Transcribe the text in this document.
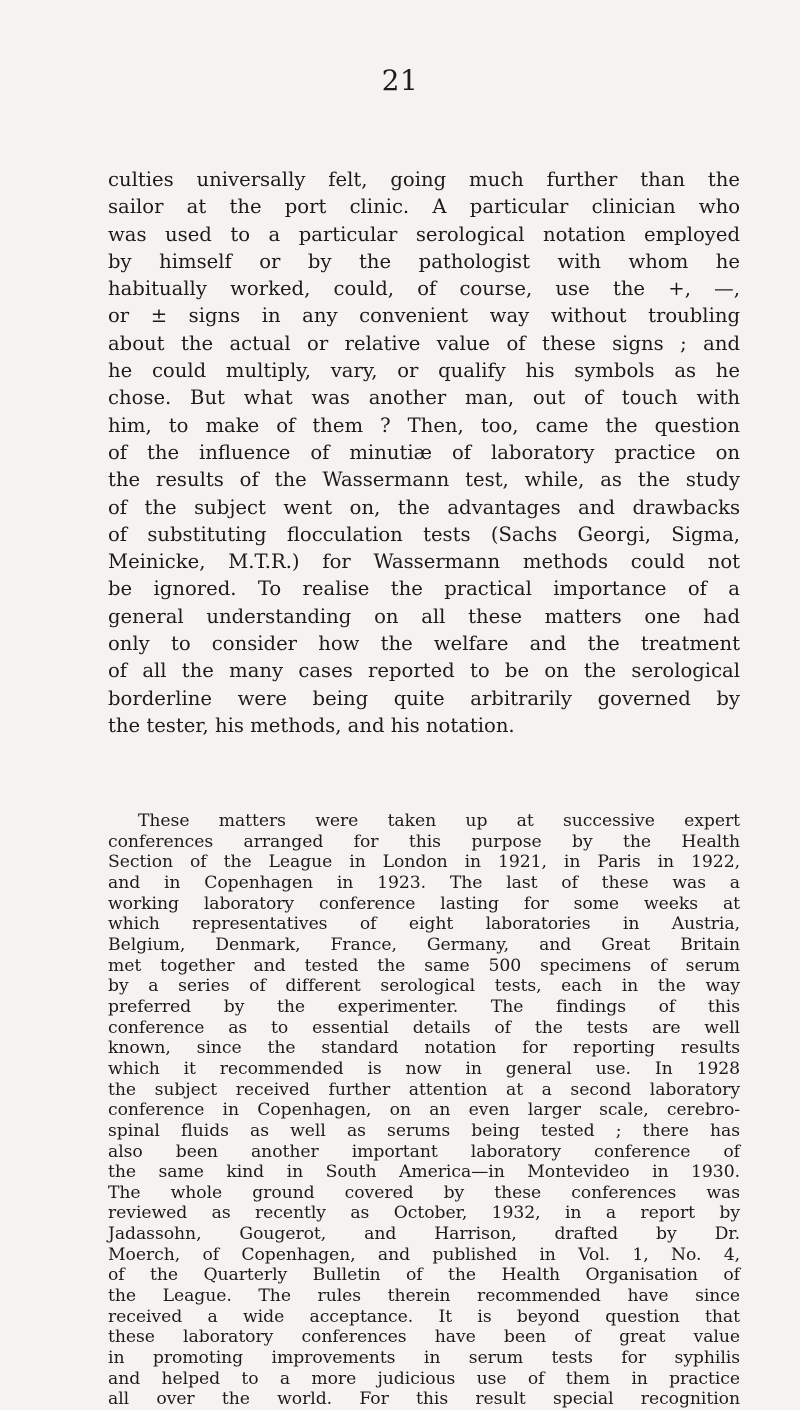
21
culties universally felt, going much further than the
sailor at the port clinic. A particular clinician who
was used to a particular serological notation employed
by himself or by the pathologist with whom he
habitually worked, could, of course, use the +, —,
or ± signs in any convenient way without troubling
about the actual or relative value of these signs ; and
he could multiply, vary, or qualify his symbols as he
chose. But what was another man, out of touch with
him, to make of them ? Then, too, came the question
of the influence of minutiæ of laboratory practice on
the results of the Wassermann test, while, as the study
of the subject went on, the advantages and drawbacks
of substituting flocculation tests (Sachs Georgi, Sigma,
Meinicke, M.T.R.) for Wassermann methods could not
be ignored. To realise the practical importance of a
general understanding on all these matters one had
only to consider how the welfare and the treatment
of all the many cases reported to be on the serological
borderline were being quite arbitrarily governed by
the tester, his methods, and his notation.
These matters were taken up at successive expert
conferences arranged for this purpose by the Health
Section of the League in London in 1921, in Paris in 1922,
and in Copenhagen in 1923. The last of these was a
working laboratory conference lasting for some weeks at
which representatives of eight laboratories in Austria,
Belgium, Denmark, France, Germany, and Great Britain
met together and tested the same 500 specimens of serum
by a series of different serological tests, each in the way
preferred by the experimenter. The findings of this
conference as to essential details of the tests are well
known, since the standard notation for reporting results
which it recommended is now in general use. In 1928
the subject received further attention at a second laboratory
conference in Copenhagen, on an even larger scale, cerebro-
spinal fluids as well as serums being tested ; there has
also been another important laboratory conference of
the same kind in South America—in Montevideo in 1930.
The whole ground covered by these conferences was
reviewed as recently as October, 1932, in a report by
Jadassohn, Gougerot, and Harrison, drafted by Dr.
Moerch, of Copenhagen, and published in Vol. 1, No. 4,
of the Quarterly Bulletin of the Health Organisation of
the League. The rules therein recommended have since
received a wide acceptance. It is beyond question that
these laboratory conferences have been of great value
in promoting improvements in serum tests for syphilis
and helped to a more judicious use of them in practice
all over the world. For this result special recognition
